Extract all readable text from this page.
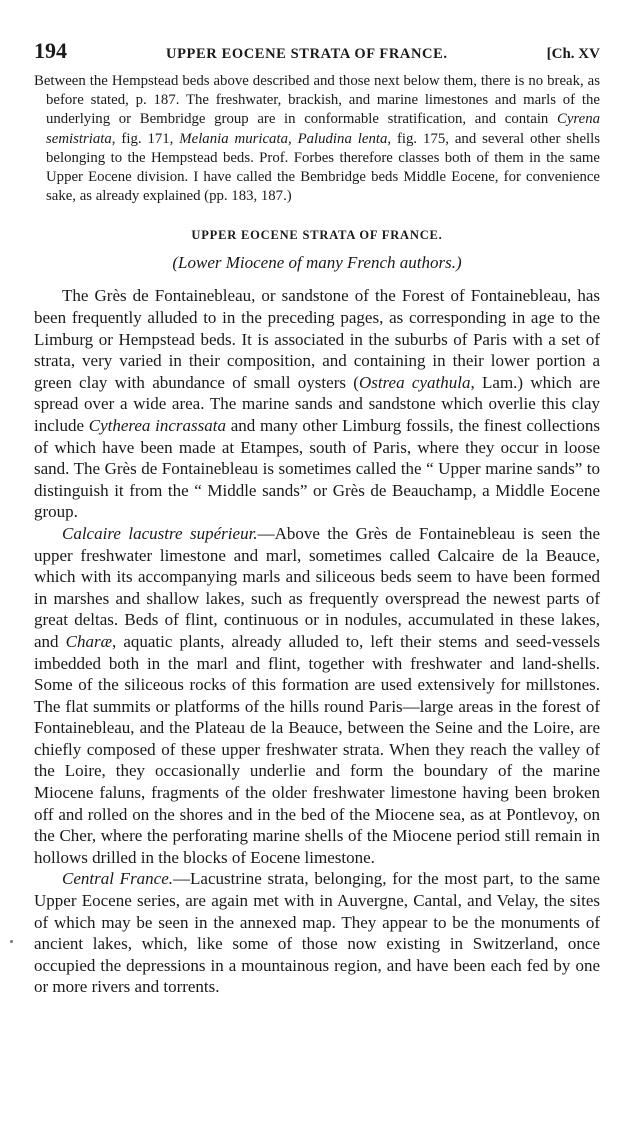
194	UPPER EOCENE STRATA OF FRANCE.	[Ch. XV

Between the Hempstead beds above described and those next below them, there is no break, as before stated, p. 187. The freshwater, brackish, and marine limestones and marls of the underlying or Bembridge group are in conformable stratification, and contain Cyrena semistriata, fig. 171, Melania muricata, Paludina lenta, fig. 175, and several other shells belonging to the Hempstead beds. Prof. Forbes therefore classes both of them in the same Upper Eocene division. I have called the Bembridge beds Middle Eocene, for convenience sake, as already explained (pp. 183, 187.)

UPPER EOCENE STRATA OF FRANCE.
(Lower Miocene of many French authors.)

The Grès de Fontainebleau, or sandstone of the Forest of Fontainebleau, has been frequently alluded to in the preceding pages, as corresponding in age to the Limburg or Hempstead beds. It is associated in the suburbs of Paris with a set of strata, very varied in their composition, and containing in their lower portion a green clay with abundance of small oysters (Ostrea cyathula, Lam.) which are spread over a wide area. The marine sands and sandstone which overlie this clay include Cytherea incrassata and many other Limburg fossils, the finest collections of which have been made at Etampes, south of Paris, where they occur in loose sand. The Grès de Fontainebleau is sometimes called the “ Upper marine sands” to distinguish it from the “ Middle sands” or Grès de Beauchamp, a Middle Eocene group.

Calcaire lacustre supérieur.—Above the Grès de Fontainebleau is seen the upper freshwater limestone and marl, sometimes called Calcaire de la Beauce, which with its accompanying marls and siliceous beds seem to have been formed in marshes and shallow lakes, such as frequently overspread the newest parts of great deltas. Beds of flint, continuous or in nodules, accumulated in these lakes, and Charæ, aquatic plants, already alluded to, left their stems and seed-vessels imbedded both in the marl and flint, together with freshwater and land-shells. Some of the siliceous rocks of this formation are used extensively for millstones. The flat summits or platforms of the hills round Paris—large areas in the forest of Fontainebleau, and the Plateau de la Beauce, between the Seine and the Loire, are chiefly composed of these upper freshwater strata. When they reach the valley of the Loire, they occasionally underlie and form the boundary of the marine Miocene faluns, fragments of the older freshwater limestone having been broken off and rolled on the shores and in the bed of the Miocene sea, as at Pontlevoy, on the Cher, where the perforating marine shells of the Miocene period still remain in hollows drilled in the blocks of Eocene limestone.

Central France.—Lacustrine strata, belonging, for the most part, to the same Upper Eocene series, are again met with in Auvergne, Cantal, and Velay, the sites of which may be seen in the annexed map. They appear to be the monuments of ancient lakes, which, like some of those now existing in Switzerland, once occupied the depressions in a mountainous region, and have been each fed by one or more rivers and torrents.
